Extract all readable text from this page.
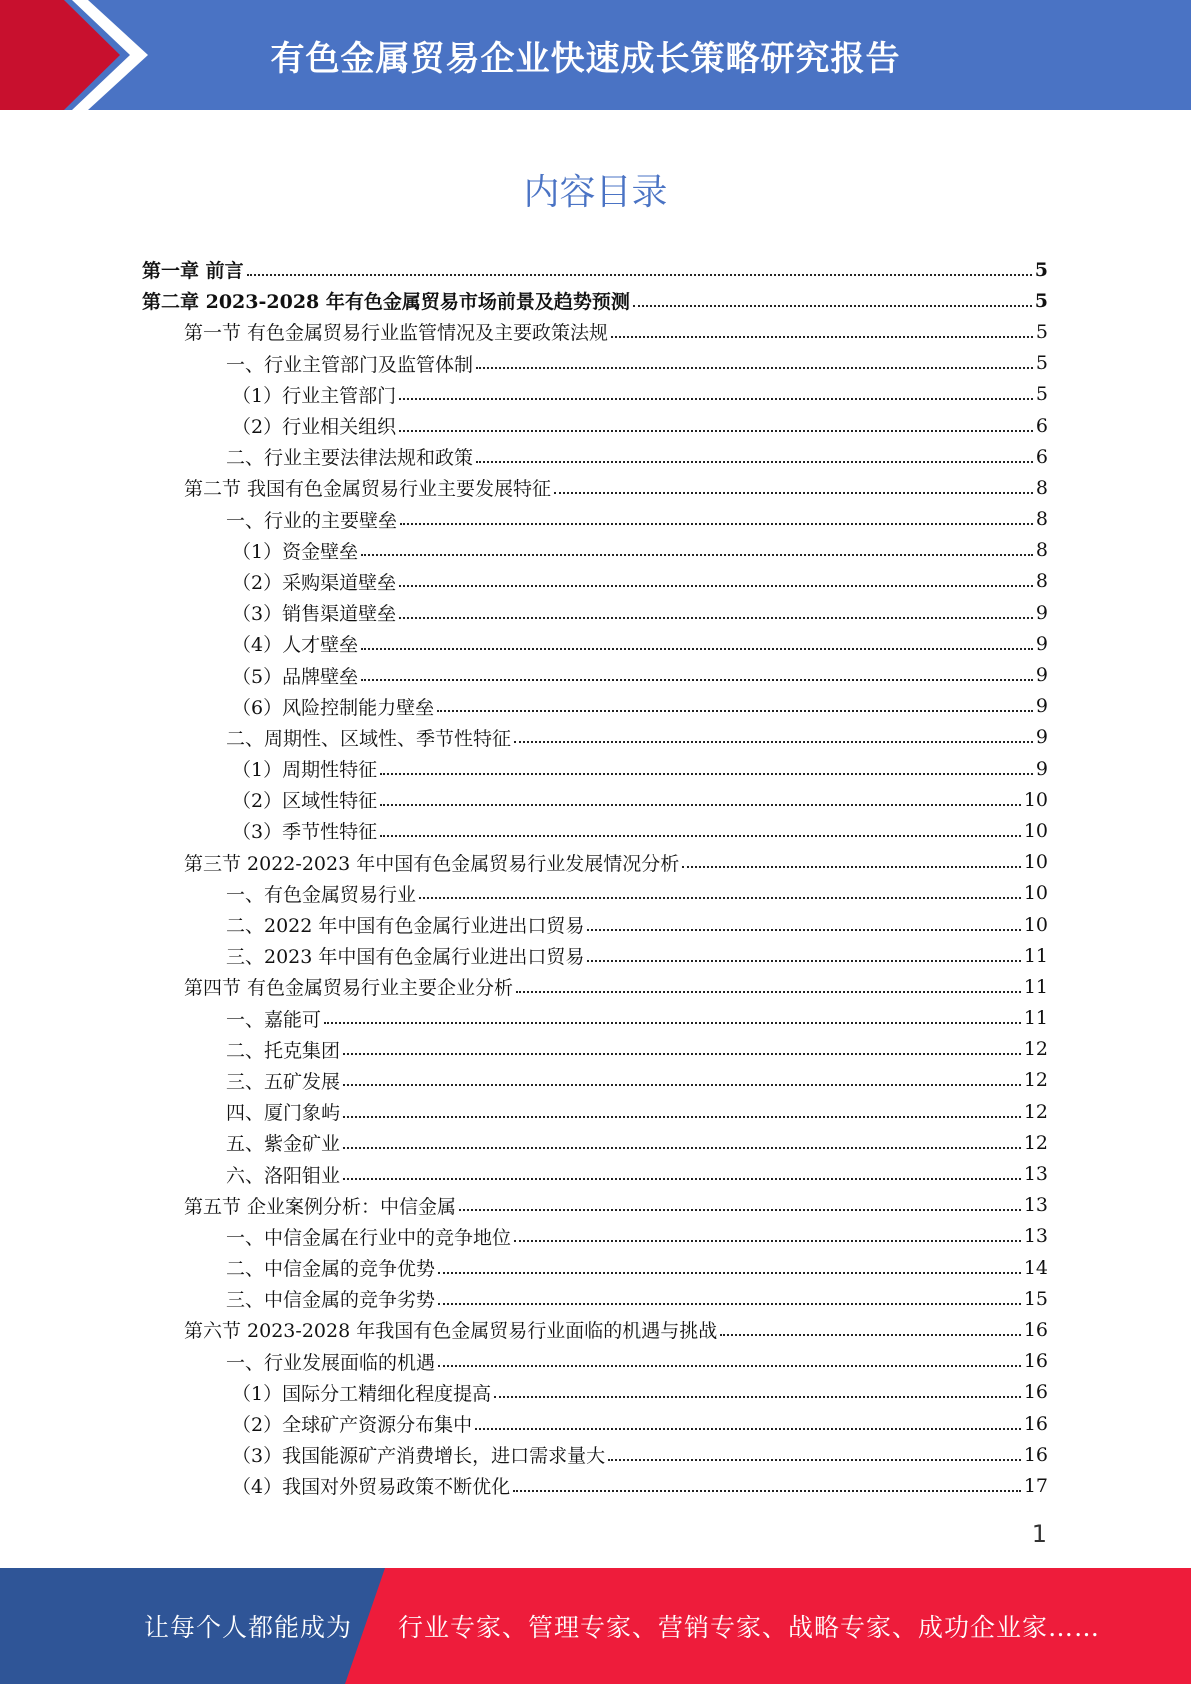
有色金属贸易企业快速成长策略研究报告
内容目录
第一章 前言	5
第二章 2023-2028 年有色金属贸易市场前景及趋势预测	5
第一节 有色金属贸易行业监管情况及主要政策法规	5
一、行业主管部门及监管体制	5
（1）行业主管部门	5
（2）行业相关组织	6
二、行业主要法律法规和政策	6
第二节 我国有色金属贸易行业主要发展特征	8
一、行业的主要壁垒	8
（1）资金壁垒	8
（2）采购渠道壁垒	8
（3）销售渠道壁垒	9
（4）人才壁垒	9
（5）品牌壁垒	9
（6）风险控制能力壁垒	9
二、周期性、区域性、季节性特征	9
（1）周期性特征	9
（2）区域性特征	10
（3）季节性特征	10
第三节 2022-2023 年中国有色金属贸易行业发展情况分析	10
一、有色金属贸易行业	10
二、2022 年中国有色金属行业进出口贸易	10
三、2023 年中国有色金属行业进出口贸易	11
第四节 有色金属贸易行业主要企业分析	11
一、嘉能可	11
二、托克集团	12
三、五矿发展	12
四、厦门象屿	12
五、紫金矿业	12
六、洛阳钼业	13
第五节 企业案例分析：中信金属	13
一、中信金属在行业中的竞争地位	13
二、中信金属的竞争优势	14
三、中信金属的竞争劣势	15
第六节 2023-2028 年我国有色金属贸易行业面临的机遇与挑战	16
一、行业发展面临的机遇	16
（1）国际分工精细化程度提高	16
（2）全球矿产资源分布集中	16
（3）我国能源矿产消费增长，进口需求量大	16
（4）我国对外贸易政策不断优化	17
1
让每个人都能成为 行业专家、管理专家、营销专家、战略专家、成功企业家……
